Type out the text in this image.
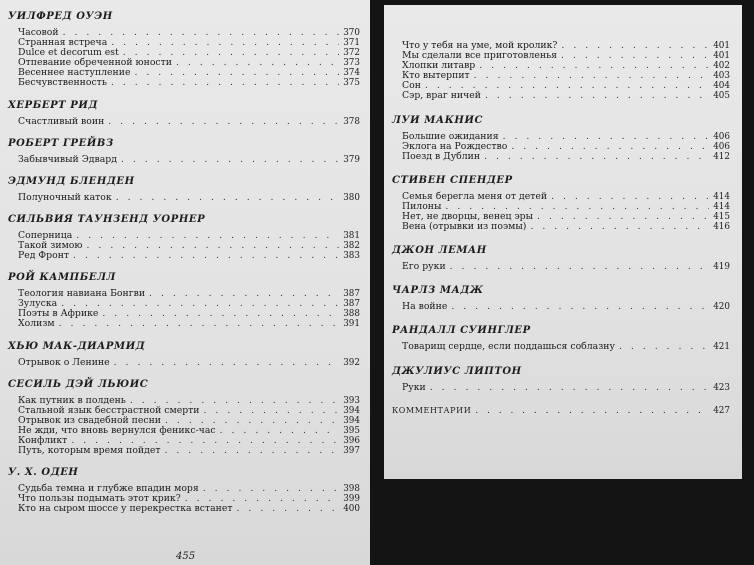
УИЛФРЕД ОУЭН
Часовой . . .	370
Странная встреча . . .	371
Dulce et decorum est . . .	372
Отпевание обреченной юности . . .	373
Весеннее наступление . . .	374
Бесчувственность . . .	375
ХЕРБЕРТ РИД
Счастливый воин . . .	378
РОБЕРТ ГРЕЙВЗ
Забывчивый Эдвард . . .	379
ЭДМУНД БЛЕНДЕН
Полуночный каток . . .	380
СИЛЬВИЯ ТАУНЗЕНД УОРНЕР
Соперница . . .	381
Такой зимою . . .	382
Ред Фронт . . .	383
РОЙ КАМПБЕЛЛ
Теология навиана Бонгви . . .	387
Зулуска . . .	387
Поэты в Африке . . .	388
Холизм . . .	391
ХЬЮ МАК-ДИАРМИД
Отрывок о Ленине . . .	392
СЕСИЛЬ ДЭЙ ЛЬЮИС
Как путник в полдень . . .	393
Стальной язык бесстрастной смерти . . .	394
Отрывок из свадебной песни . . .	394
Не жди, что вновь вернулся феникс-час . . .	395
Конфликт . . .	396
Путь, которым время пойдет . . .	397
У. Х. ОДЕН
Судьба темна и глубже впадин моря . . .	398
Что пользы подымать этот крик? . . .	399
Кто на сыром шоссе у перекрестка встанет . . .	400
455
Что у тебя на уме, мой кролик? . . .	401
Мы сделали все приготовленья . . .	401
Хлопки литавр . . .	402
Кто вытерпит . . .	403
Сон . . .	404
Сэр, враг ничей . . .	405
ЛУИ МАКНИС
Большие ожидания . . .	406
Эклога на Рождество . . .	406
Поезд в Дублин . . .	412
СТИВЕН СПЕНДЕР
Семья берегла меня от детей . . .	414
Пилоны . . .	414
Нет, не дворцы, венец эры . . .	415
Вена (отрывки из поэмы) . . .	416
ДЖОН ЛЕМАН
Его руки . . .	419
ЧАРЛЗ МАДЖ
На войне . . .	420
РАНДАЛЛ СУИНГЛЕР
Товарищ сердце, если поддашься соблазну . . .	421
ДЖУЛИУС ЛИПТОН
Руки . . .	423
КОММЕНТАРИИ . . .	427
